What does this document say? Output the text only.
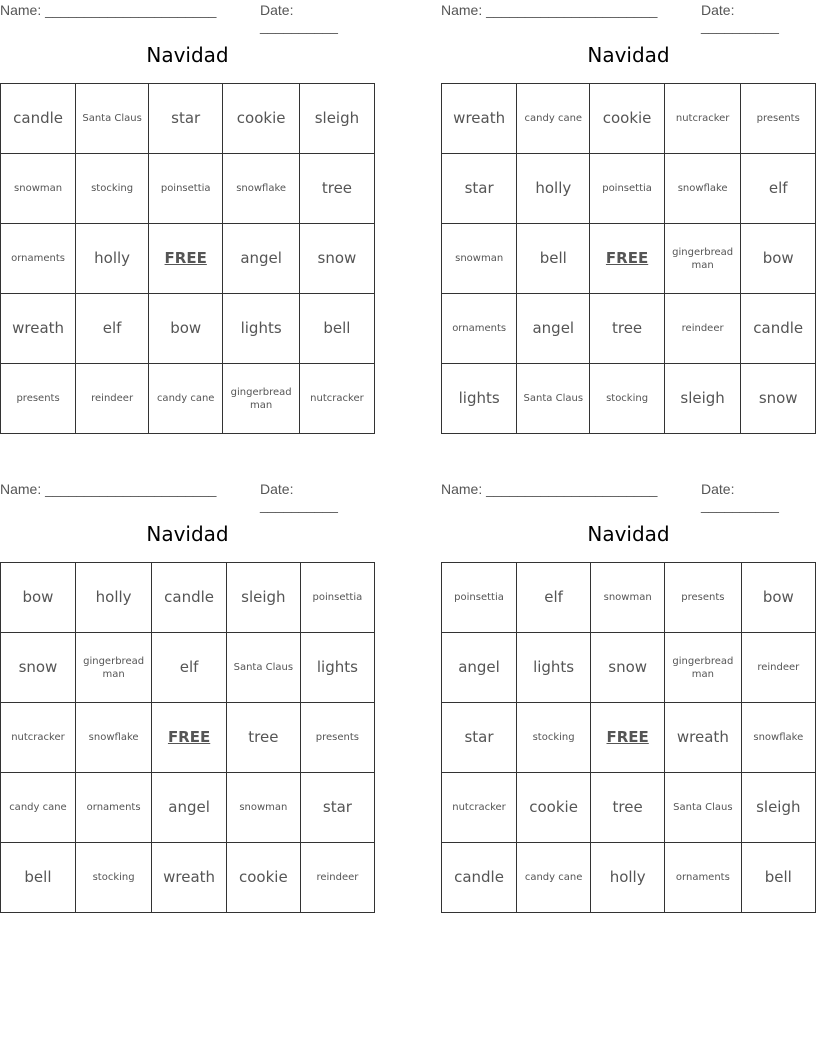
Name: ______________________	Date: __________
Navidad
candle	Santa Claus	star	cookie	sleigh
snowman	stocking	poinsettia	snowflake	tree
ornaments	holly	FREE	angel	snow
wreath	elf	bow	lights	bell
presents	reindeer	candy cane	gingerbread man	nutcracker
Name: ______________________	Date: __________
Navidad
wreath	candy cane	cookie	nutcracker	presents
star	holly	poinsettia	snowflake	elf
snowman	bell	FREE	gingerbread man	bow
ornaments	angel	tree	reindeer	candle
lights	Santa Claus	stocking	sleigh	snow
Name: ______________________	Date: __________
Navidad
bow	holly	candle	sleigh	poinsettia
snow	gingerbread man	elf	Santa Claus	lights
nutcracker	snowflake	FREE	tree	presents
candy cane	ornaments	angel	snowman	star
bell	stocking	wreath	cookie	reindeer
Name: ______________________	Date: __________
Navidad
poinsettia	elf	snowman	presents	bow
angel	lights	snow	gingerbread man	reindeer
star	stocking	FREE	wreath	snowflake
nutcracker	cookie	tree	Santa Claus	sleigh
candle	candy cane	holly	ornaments	bell
